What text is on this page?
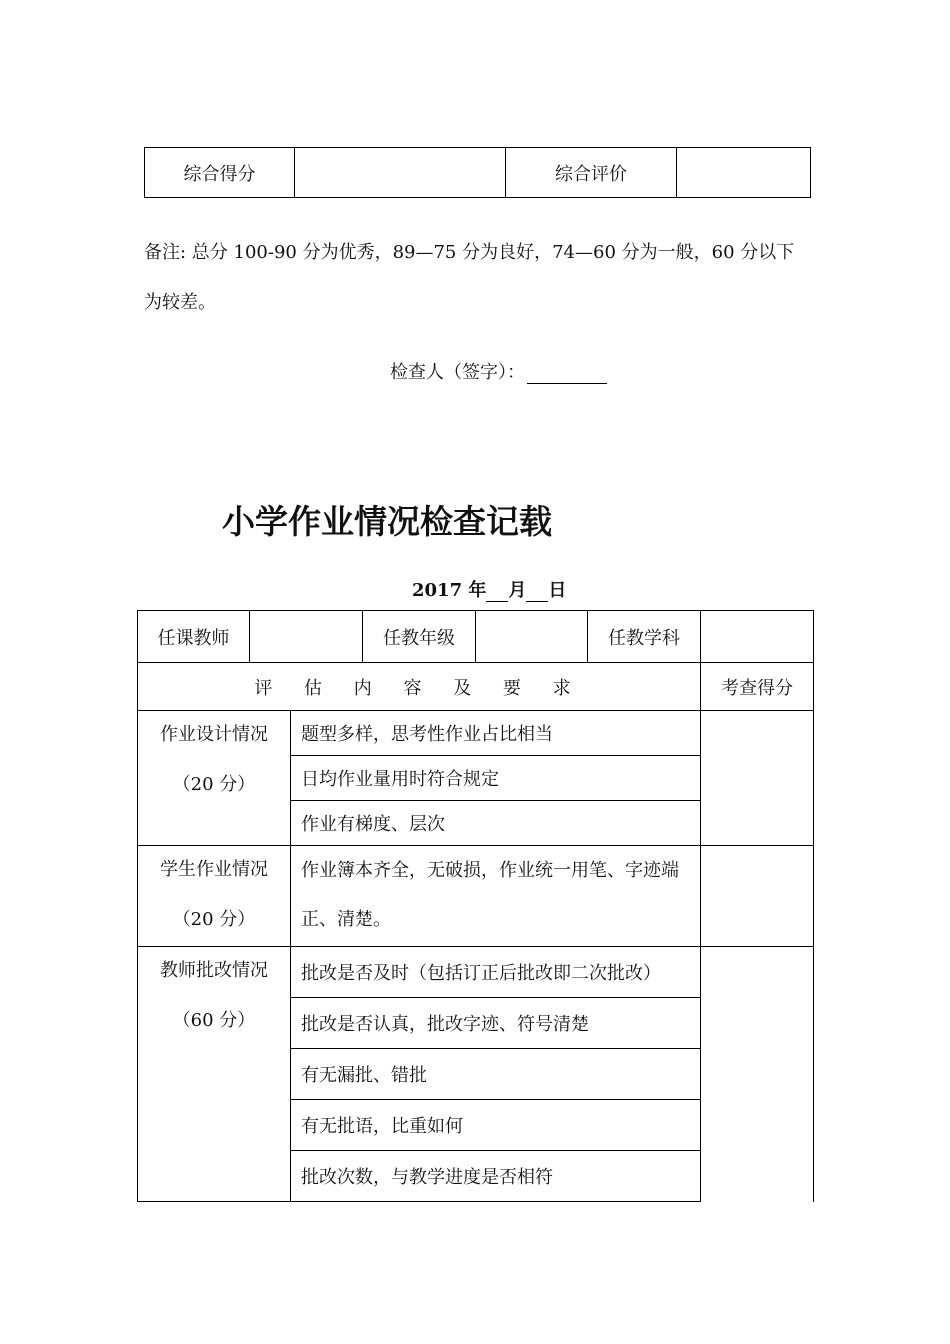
综合得分		综合评价	
备注: 总分 100-90 分为优秀，89—75 分为良好，74—60 分为一般，60 分以下
为较差。
检查人（签字）：
小学作业情况检查记载
2017 年 月 日
任课教师			任教年级		任教学科	
评 估 内 容 及 要 求						考查得分

作业设计情况
（20 分）		题型多样，思考性作业占比相当				
		日均作业量用时符合规定				
		作业有梯度、层次				

学生作业情况
（20 分）		作业簿本齐全，无破损，作业统一用笔、字迹端正、清楚。				

教师批改情况
（60 分）		批改是否及时（包括订正后批改即二次批改）				
		批改是否认真，批改字迹、符号清楚				
		有无漏批、错批				
		有无批语，比重如何				
		批改次数，与教学进度是否相符				
